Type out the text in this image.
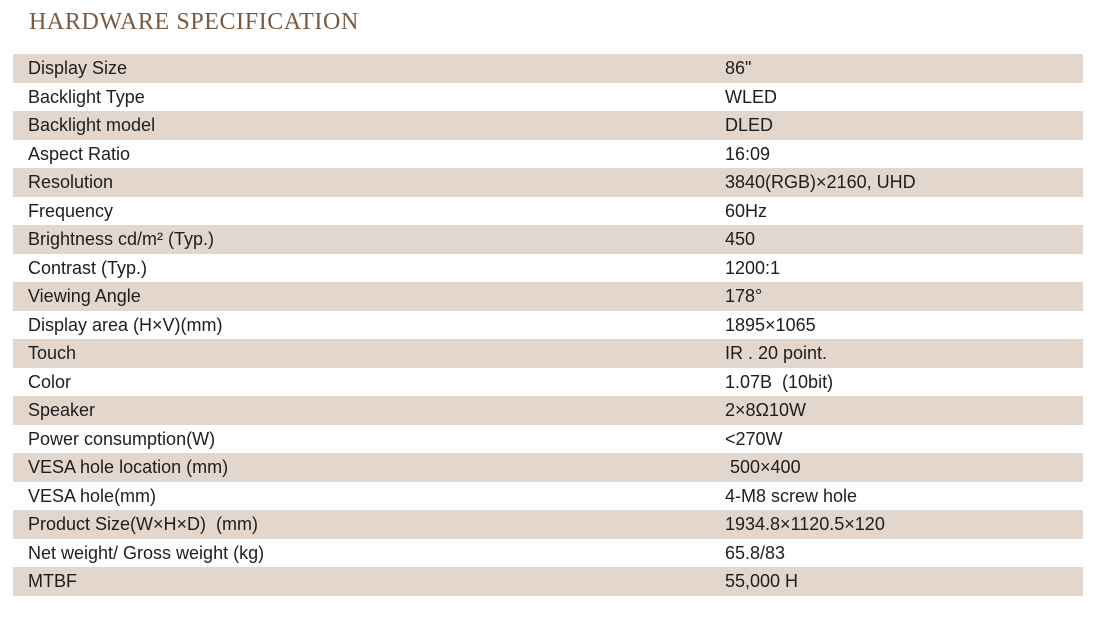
HARDWARE SPECIFICATION
Display Size	86"
Backlight Type	WLED
Backlight model	DLED
Aspect Ratio	16:09
Resolution	3840(RGB)×2160, UHD
Frequency	60Hz
Brightness cd/m² (Typ.)	450
Contrast (Typ.)	1200:1
Viewing Angle	178°
Display area (H×V)(mm)	1895×1065
Touch	IR . 20 point.
Color	1.07B  (10bit)
Speaker	2×8Ω10W
Power consumption(W)	<270W
VESA hole location (mm)	500×400
VESA hole(mm)	4-M8 screw hole
Product Size(W×H×D)  (mm)	1934.8×1120.5×120
Net weight/ Gross weight (kg)	65.8/83
MTBF	55,000 H
